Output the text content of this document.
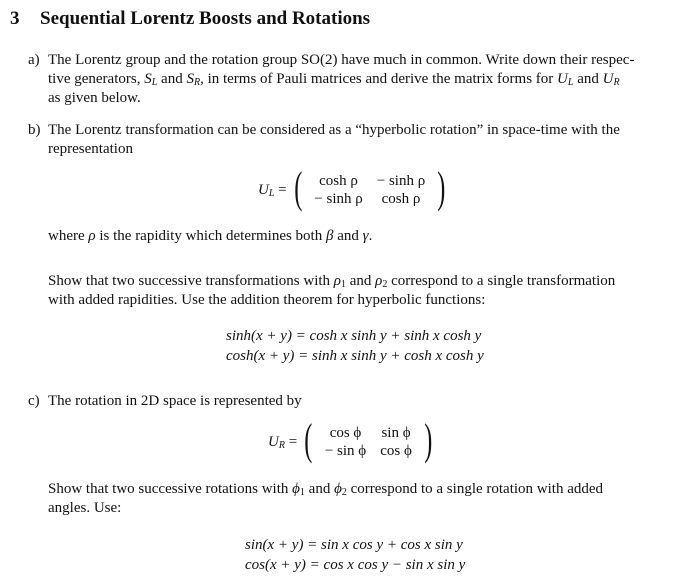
3 Sequential Lorentz Boosts and Rotations
a) The Lorentz group and the rotation group SO(2) have much in common. Write down their respec-
tive generators, $S_L$ and $S_R$, in terms of Pauli matrices and derive the matrix forms for $U_L$ and $U_R$
as given below.
b) The Lorentz transformation can be considered as a “hyperbolic rotation” in space-time with the
representation
$U_L$ = ( cosh ρ	− sinh ρ
− sinh ρ	cosh ρ )
where ρ is the rapidity which determines both β and γ.
Show that two successive transformations with $\rho_1$ and $\rho_2$ correspond to a single transformation
with added rapidities. Use the addition theorem for hyperbolic functions:
sinh(x + y) = cosh x sinh y + sinh x cosh y
cosh(x + y) = sinh x sinh y + cosh x cosh y
c) The rotation in 2D space is represented by
$U_R$ = ( cos ϕ	sin ϕ
− sin ϕ	cos ϕ )
Show that two successive rotations with $\phi_1$ and $\phi_2$ correspond to a single rotation with added
angles. Use:
sin(x + y) = sin x cos y + cos x sin y
cos(x + y) = cos x cos y − sin x sin y
